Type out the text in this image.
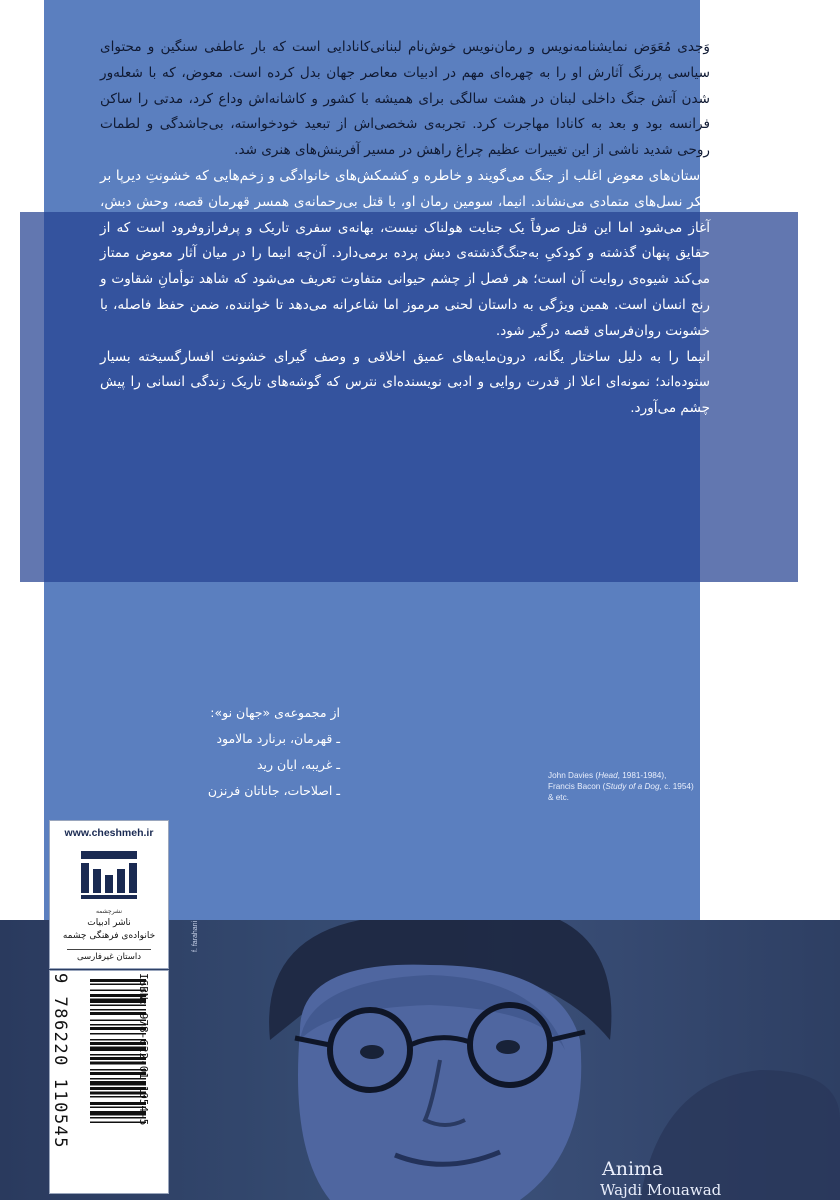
وَجدی مُعَوَض نمایشنامه‌نویس و رمان‌نویس خوش‌نام لبنانی‌کانادایی است که بار عاطفی سنگین و محتوای سیاسی پررنگ آثارش او را به چهره‌ای مهم در ادبیات معاصر جهان بدل کرده است. معوض، که با شعله‌ور شدن آتش جنگ داخلی لبنان در هشت سالگی برای همیشه با کشور و کاشانه‌اش وداع کرد، مدتی را ساکن فرانسه بود و بعد به کانادا مهاجرت کرد. تجربه‌ی شخصی‌اش از تبعید خودخواسته، بی‌جاشدگی و لطمات روحی شدید ناشی از این تغییرات عظیم چراغ راهش در مسیر آفرینش‌های هنری شد.

داستان‌های معوض اغلب از جنگ می‌گویند و خاطره و کشمکش‌های خانوادگی و زخم‌هایی که خشونتِ دیرپا بر پیکر نسل‌های متمادی می‌نشاند. انیما، سومین رمان او، با قتل بی‌رحمانه‌ی همسر قهرمان قصه، وحش دبش، آغاز می‌شود اما این قتل صرفاً یک جنایت هولناک نیست، بهانه‌ی سفری تاریک و پرفرازوفرود است که از حقایق پنهان گذشته و کودکیِ به‌جنگ‌گذشته‌ی دبش پرده برمی‌دارد. آن‌چه انیما را در میان آثار معوض ممتاز می‌کند شیوه‌ی روایت آن است؛ هر فصل از چشم حیوانی متفاوت تعریف می‌شود که شاهد توأمانِ شقاوت و رنج انسان است. همین ویژگی به داستان لحنی مرموز اما شاعرانه می‌دهد تا خواننده، ضمن حفظ فاصله، با خشونت روان‌فرسای قصه درگیر شود.

انیما را به دلیل ساختار یگانه، درون‌مایه‌های عمیق اخلاقی و وصف گیرای خشونت افسارگسیخته بسیار ستوده‌اند؛ نمونه‌ای اعلا از قدرت روایی و ادبی نویسنده‌ای نترس که گوشه‌های تاریک زندگی انسانی را پیش چشم می‌آورد.

از مجموعه‌ی «جهان نو»:
ـ قهرمان، برنارد مالامود
ـ غریبه، ایان رید
ـ اصلاحات، جاناتان فرنزن
John Davies (Head, 1981-1984),
Francis Bacon (Study of a Dog, c. 1954)
& etc.
www.cheshmeh.ir
نشرچشمه
ناشر ادبیات
خانواده‌ی فرهنگی چشمه
داستان غیرفارسی
ISBN: 978-622-01-1054-5
9 786220 110545
f. farahani
Anima
Wajdi Mouawad
